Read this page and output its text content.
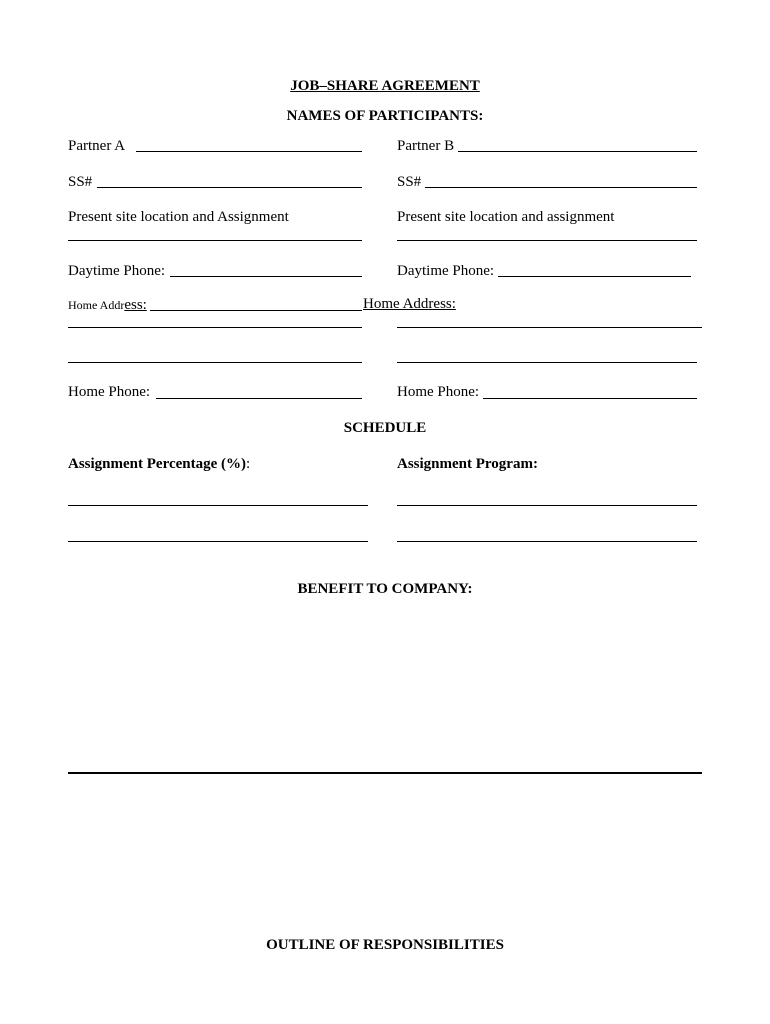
JOB–SHARE AGREEMENT
NAMES OF PARTICIPANTS:
Partner A	Partner B
SS#	SS#
Present site location and Assignment	Present site location and assignment
Daytime Phone:	Daytime Phone:
Home Address:	Home Address:
Home Phone:	Home Phone:
SCHEDULE
Assignment Percentage (%):	Assignment Program:
BENEFIT TO COMPANY:
OUTLINE OF RESPONSIBILITIES
